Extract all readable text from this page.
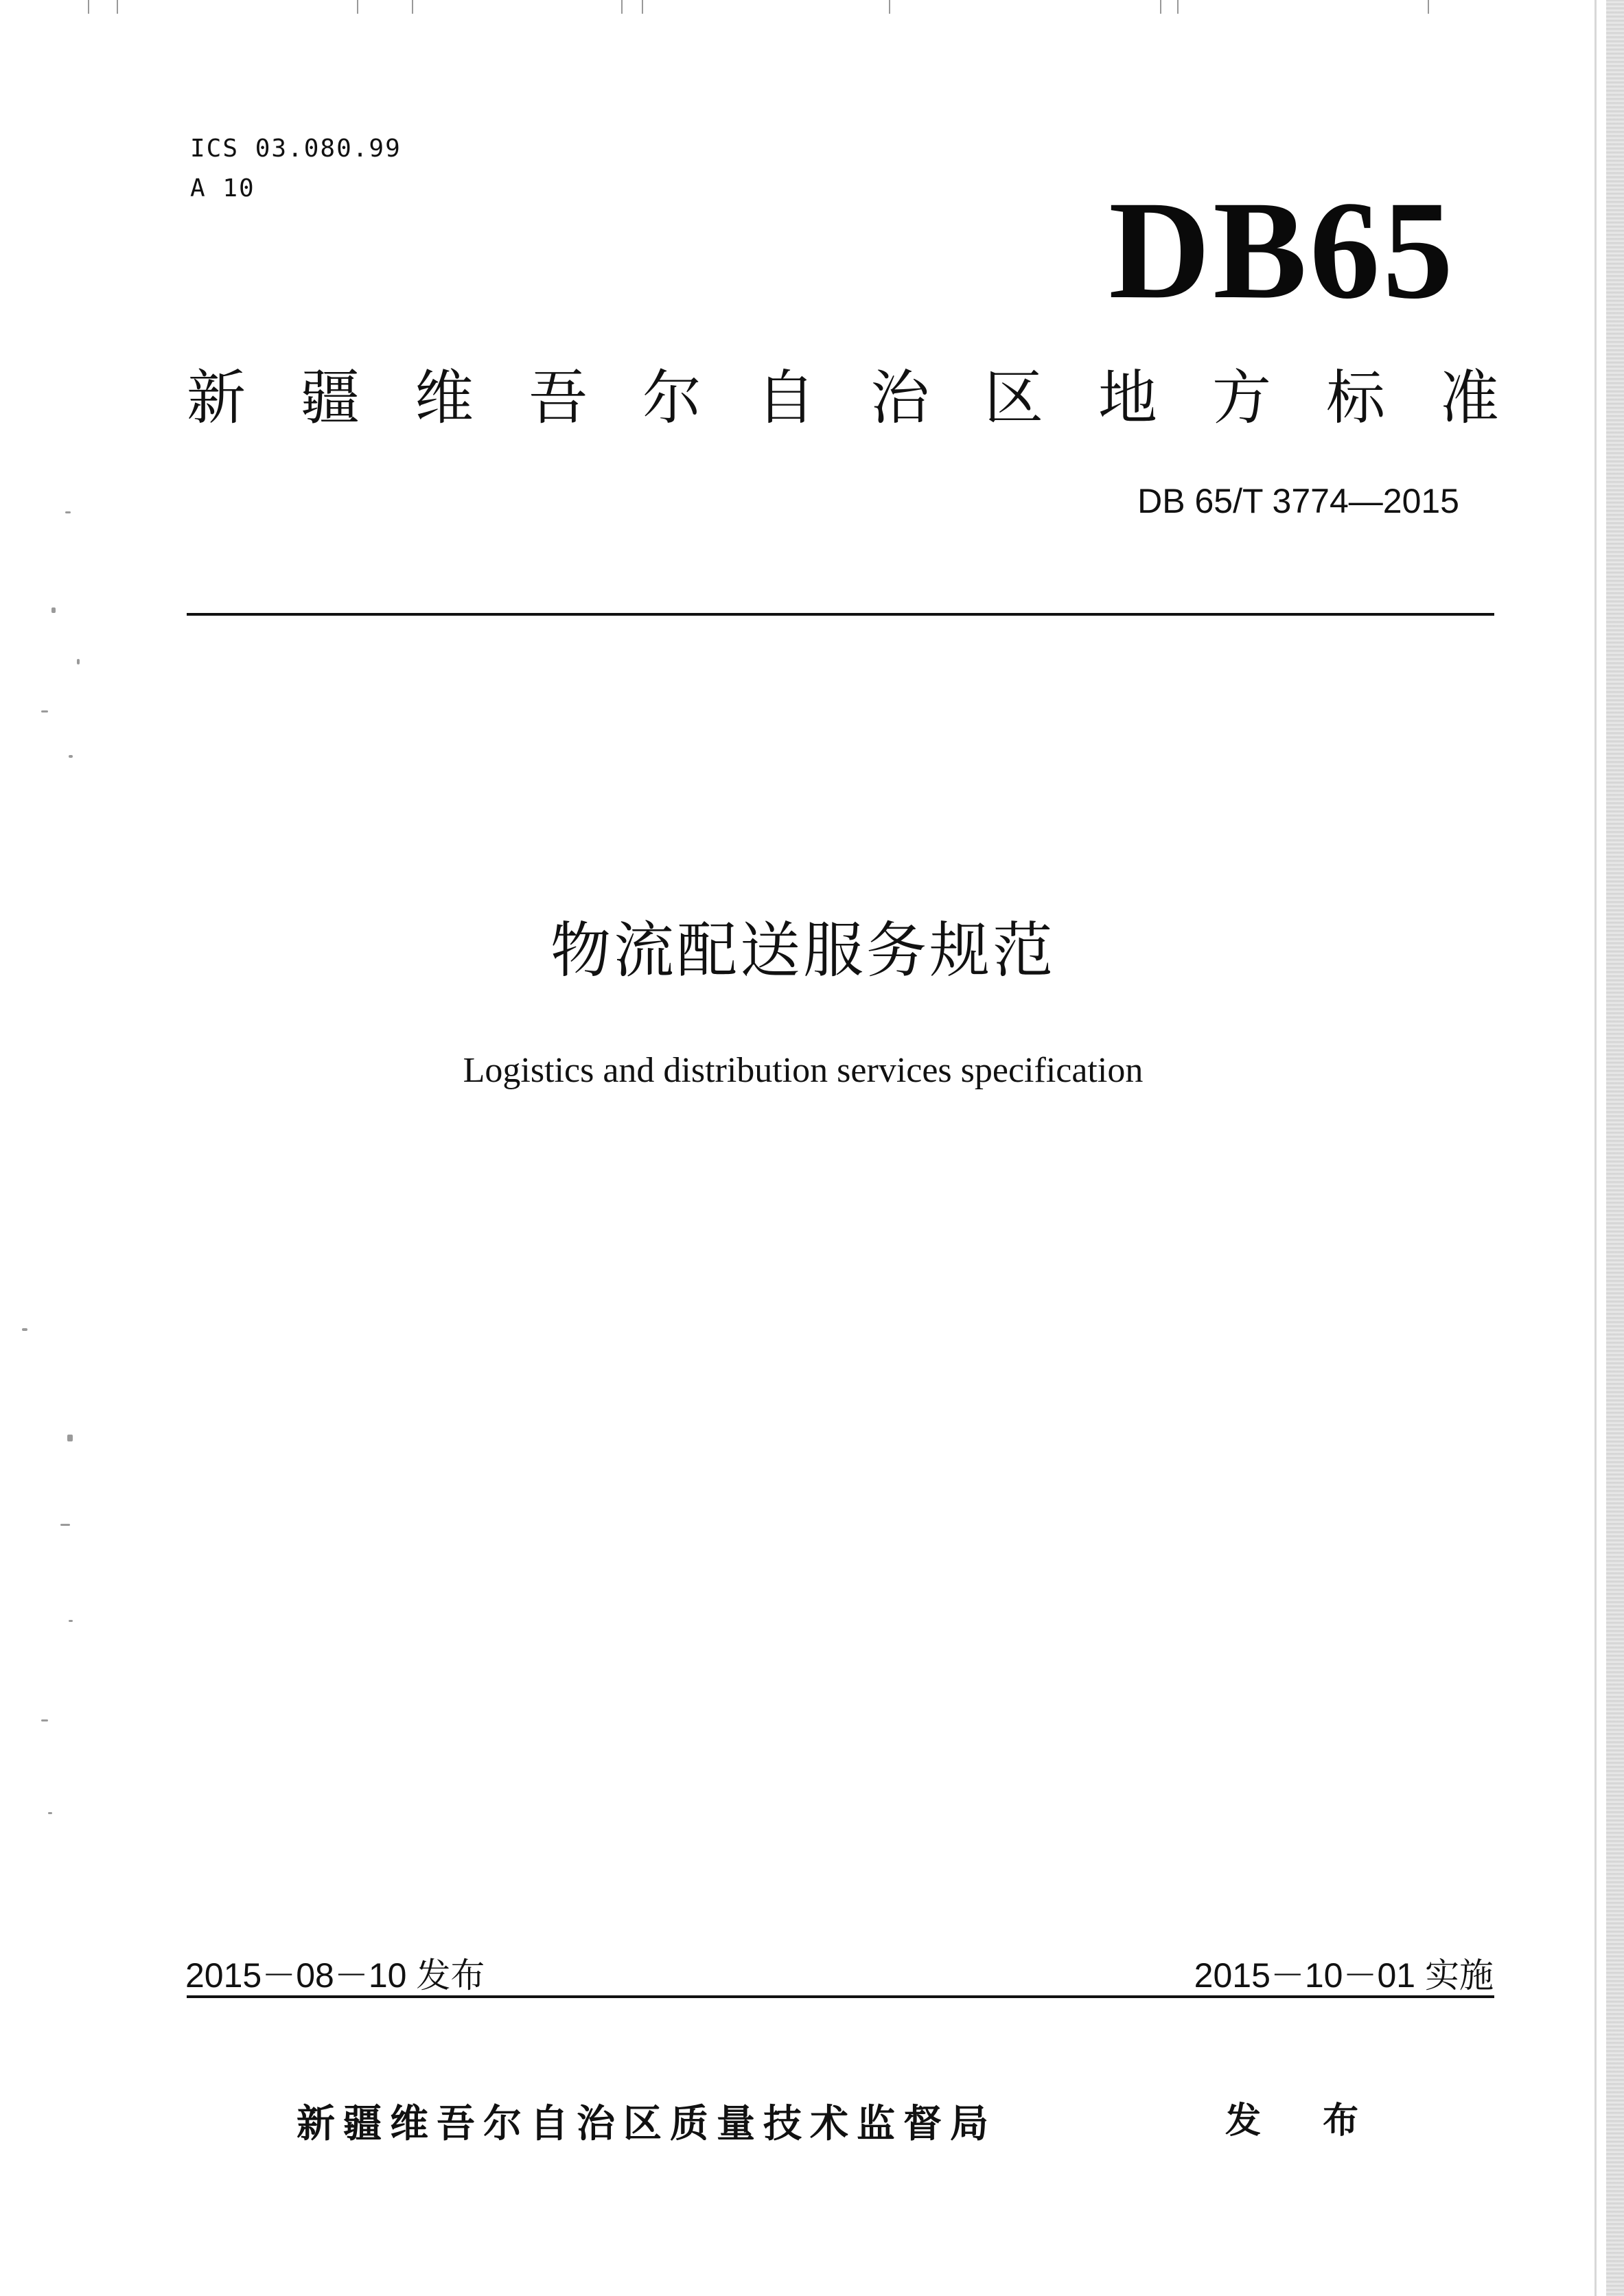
ICS 03.080.99
A 10	DB65
新疆维吾尔自治区地方标准
DB 65/T 3774—2015
物流配送服务规范
Logistics and distribution services specification
2015－08－10 发布	2015－10－01 实施
新疆维吾尔自治区质量技术监督局	发 布
